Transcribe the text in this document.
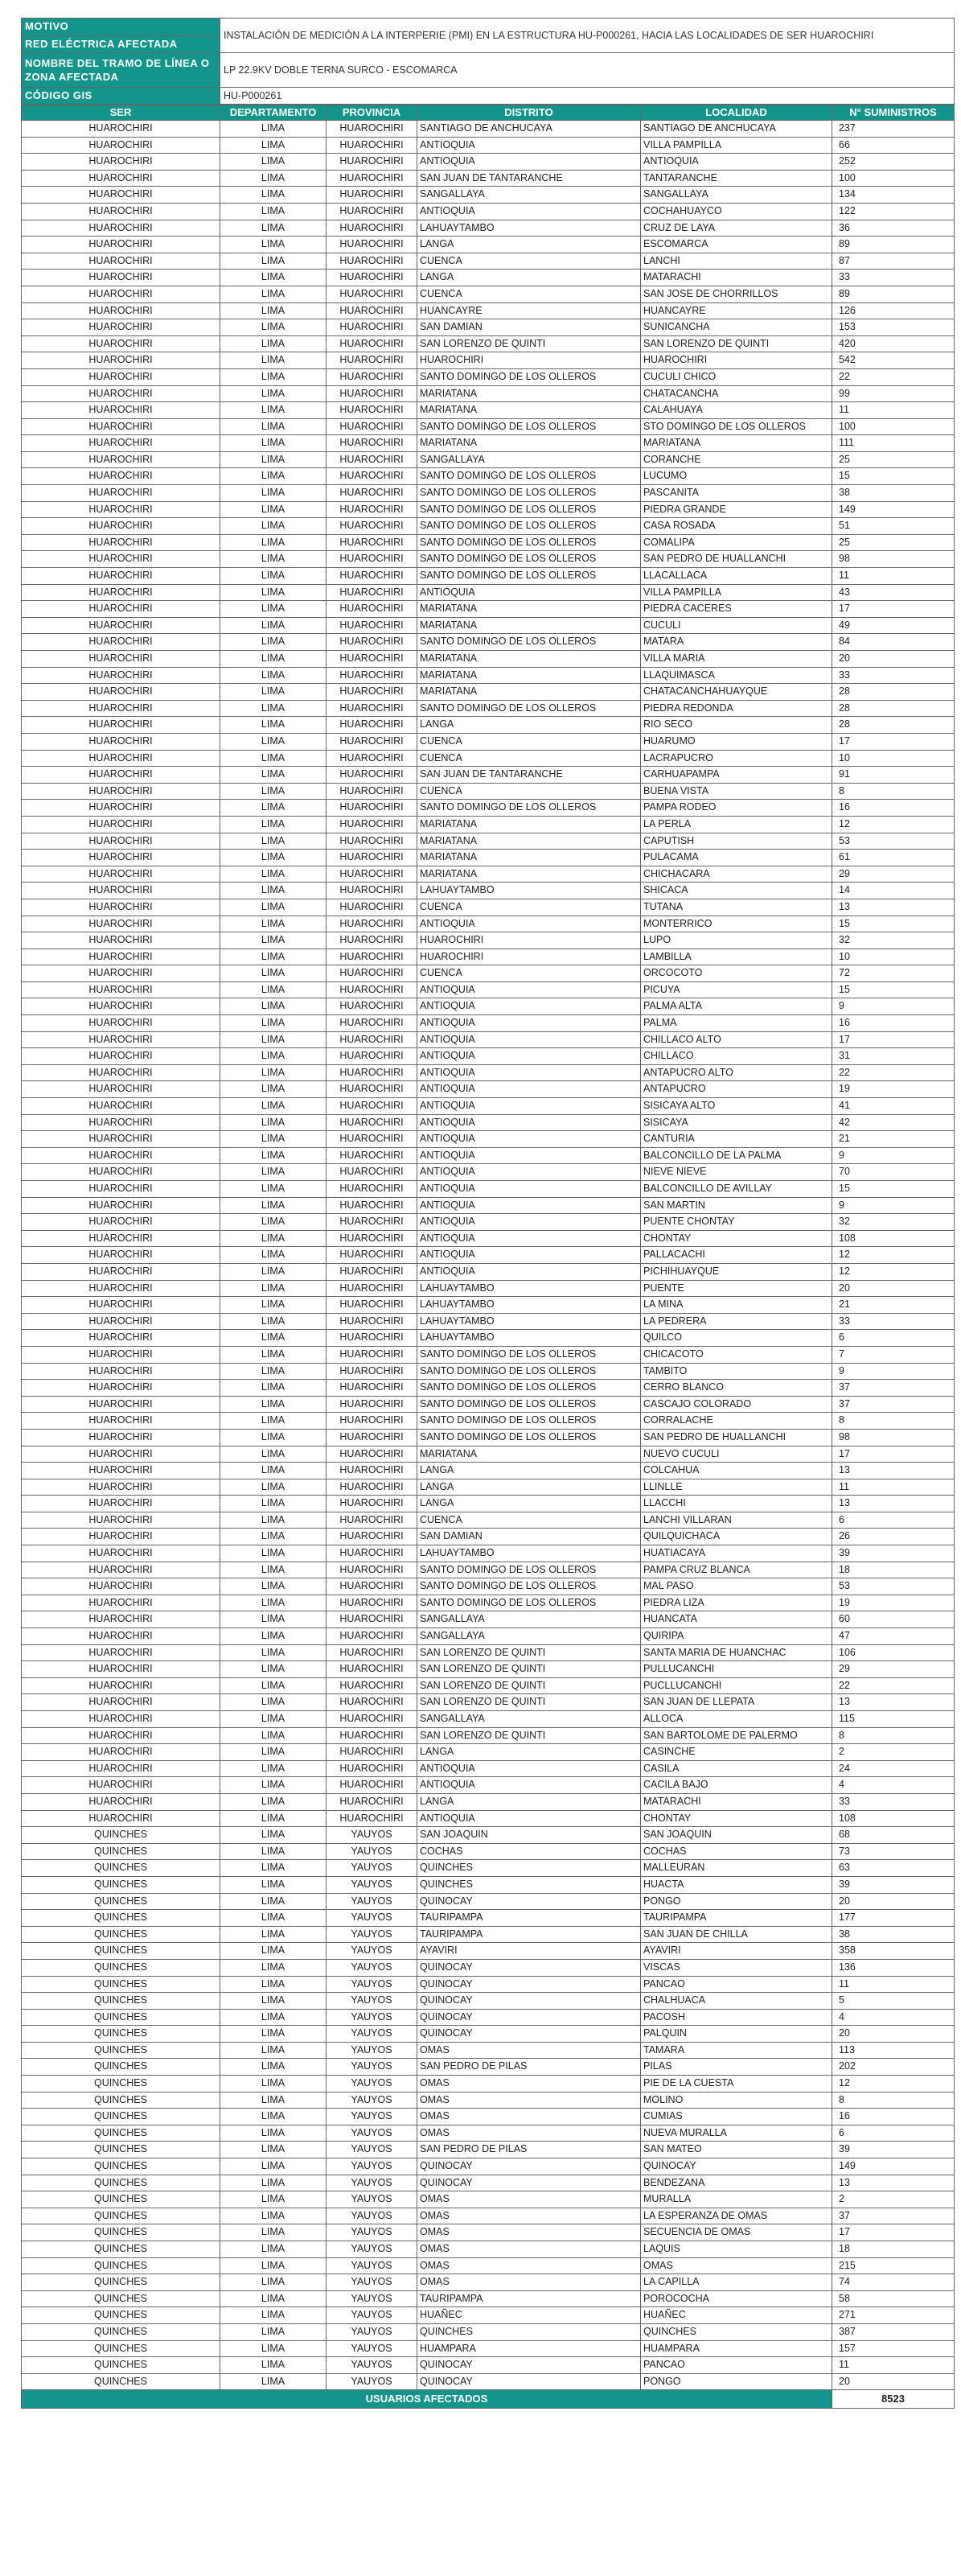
MOTIVO	INSTALACIÓN DE MEDICIÓN A LA INTERPERIE (PMI) EN LA ESTRUCTURA HU-P000261, HACIA LAS LOCALIDADES DE SER HUAROCHIRI
RED ELÉCTRICA AFECTADA	
NOMBRE DEL TRAMO DE LÍNEA O ZONA AFECTADA	LP 22.9KV DOBLE TERNA SURCO - ESCOMARCA
CÓDIGO GIS	HU-P000261
SER	DEPARTAMENTO	PROVINCIA	DISTRITO	LOCALIDAD	N° SUMINISTROS
HUAROCHIRI	LIMA	HUAROCHIRI	SANTIAGO DE ANCHUCAYA	SANTIAGO DE ANCHUCAYA	237
HUAROCHIRI	LIMA	HUAROCHIRI	ANTIOQUIA	VILLA PAMPILLA	66
HUAROCHIRI	LIMA	HUAROCHIRI	ANTIOQUIA	ANTIOQUIA	252
HUAROCHIRI	LIMA	HUAROCHIRI	SAN JUAN DE TANTARANCHE	TANTARANCHE	100
HUAROCHIRI	LIMA	HUAROCHIRI	SANGALLAYA	SANGALLAYA	134
HUAROCHIRI	LIMA	HUAROCHIRI	ANTIOQUIA	COCHAHUAYCO	122
HUAROCHIRI	LIMA	HUAROCHIRI	LAHUAYTAMBO	CRUZ DE LAYA	36
HUAROCHIRI	LIMA	HUAROCHIRI	LANGA	ESCOMARCA	89
HUAROCHIRI	LIMA	HUAROCHIRI	CUENCA	LANCHI	87
HUAROCHIRI	LIMA	HUAROCHIRI	LANGA	MATARACHI	33
HUAROCHIRI	LIMA	HUAROCHIRI	CUENCA	SAN JOSE DE CHORRILLOS	89
HUAROCHIRI	LIMA	HUAROCHIRI	HUANCAYRE	HUANCAYRE	126
HUAROCHIRI	LIMA	HUAROCHIRI	SAN DAMIAN	SUNICANCHA	153
HUAROCHIRI	LIMA	HUAROCHIRI	SAN LORENZO DE QUINTI	SAN LORENZO DE QUINTI	420
HUAROCHIRI	LIMA	HUAROCHIRI	HUAROCHIRI	HUAROCHIRI	542
HUAROCHIRI	LIMA	HUAROCHIRI	SANTO DOMINGO DE LOS OLLEROS	CUCULI CHICO	22
HUAROCHIRI	LIMA	HUAROCHIRI	MARIATANA	CHATACANCHA	99
HUAROCHIRI	LIMA	HUAROCHIRI	MARIATANA	CALAHUAYA	11
HUAROCHIRI	LIMA	HUAROCHIRI	SANTO DOMINGO DE LOS OLLEROS	STO DOMINGO DE LOS OLLEROS	100
HUAROCHIRI	LIMA	HUAROCHIRI	MARIATANA	MARIATANA	111
HUAROCHIRI	LIMA	HUAROCHIRI	SANGALLAYA	CORANCHE	25
HUAROCHIRI	LIMA	HUAROCHIRI	SANTO DOMINGO DE LOS OLLEROS	LUCUMO	15
HUAROCHIRI	LIMA	HUAROCHIRI	SANTO DOMINGO DE LOS OLLEROS	PASCANITA	38
HUAROCHIRI	LIMA	HUAROCHIRI	SANTO DOMINGO DE LOS OLLEROS	PIEDRA GRANDE	149
HUAROCHIRI	LIMA	HUAROCHIRI	SANTO DOMINGO DE LOS OLLEROS	CASA ROSADA	51
HUAROCHIRI	LIMA	HUAROCHIRI	SANTO DOMINGO DE LOS OLLEROS	COMALIPA	25
HUAROCHIRI	LIMA	HUAROCHIRI	SANTO DOMINGO DE LOS OLLEROS	SAN PEDRO DE HUALLANCHI	98
HUAROCHIRI	LIMA	HUAROCHIRI	SANTO DOMINGO DE LOS OLLEROS	LLACALLACA	11
HUAROCHIRI	LIMA	HUAROCHIRI	ANTIOQUIA	VILLA PAMPILLA	43
HUAROCHIRI	LIMA	HUAROCHIRI	MARIATANA	PIEDRA CACERES	17
HUAROCHIRI	LIMA	HUAROCHIRI	MARIATANA	CUCULI	49
HUAROCHIRI	LIMA	HUAROCHIRI	SANTO DOMINGO DE LOS OLLEROS	MATARA	84
HUAROCHIRI	LIMA	HUAROCHIRI	MARIATANA	VILLA MARIA	20
HUAROCHIRI	LIMA	HUAROCHIRI	MARIATANA	LLAQUIMASCA	33
HUAROCHIRI	LIMA	HUAROCHIRI	MARIATANA	CHATACANCHAHUAYQUE	28
HUAROCHIRI	LIMA	HUAROCHIRI	SANTO DOMINGO DE LOS OLLEROS	PIEDRA REDONDA	28
HUAROCHIRI	LIMA	HUAROCHIRI	LANGA	RIO SECO	28
HUAROCHIRI	LIMA	HUAROCHIRI	CUENCA	HUARUMO	17
HUAROCHIRI	LIMA	HUAROCHIRI	CUENCA	LACRAPUCRO	10
HUAROCHIRI	LIMA	HUAROCHIRI	SAN JUAN DE TANTARANCHE	CARHUAPAMPA	91
HUAROCHIRI	LIMA	HUAROCHIRI	CUENCA	BUENA VISTA	8
HUAROCHIRI	LIMA	HUAROCHIRI	SANTO DOMINGO DE LOS OLLEROS	PAMPA RODEO	16
HUAROCHIRI	LIMA	HUAROCHIRI	MARIATANA	LA PERLA	12
HUAROCHIRI	LIMA	HUAROCHIRI	MARIATANA	CAPUTISH	53
HUAROCHIRI	LIMA	HUAROCHIRI	MARIATANA	PULACAMA	61
HUAROCHIRI	LIMA	HUAROCHIRI	MARIATANA	CHICHACARA	29
HUAROCHIRI	LIMA	HUAROCHIRI	LAHUAYTAMBO	SHICACA	14
HUAROCHIRI	LIMA	HUAROCHIRI	CUENCA	TUTANA	13
HUAROCHIRI	LIMA	HUAROCHIRI	ANTIOQUIA	MONTERRICO	15
HUAROCHIRI	LIMA	HUAROCHIRI	HUAROCHIRI	LUPO	32
HUAROCHIRI	LIMA	HUAROCHIRI	HUAROCHIRI	LAMBILLA	10
HUAROCHIRI	LIMA	HUAROCHIRI	CUENCA	ORCOCOTO	72
HUAROCHIRI	LIMA	HUAROCHIRI	ANTIOQUIA	PICUYA	15
HUAROCHIRI	LIMA	HUAROCHIRI	ANTIOQUIA	PALMA ALTA	9
HUAROCHIRI	LIMA	HUAROCHIRI	ANTIOQUIA	PALMA	16
HUAROCHIRI	LIMA	HUAROCHIRI	ANTIOQUIA	CHILLACO ALTO	17
HUAROCHIRI	LIMA	HUAROCHIRI	ANTIOQUIA	CHILLACO	31
HUAROCHIRI	LIMA	HUAROCHIRI	ANTIOQUIA	ANTAPUCRO ALTO	22
HUAROCHIRI	LIMA	HUAROCHIRI	ANTIOQUIA	ANTAPUCRO	19
HUAROCHIRI	LIMA	HUAROCHIRI	ANTIOQUIA	SISICAYA ALTO	41
HUAROCHIRI	LIMA	HUAROCHIRI	ANTIOQUIA	SISICAYA	42
HUAROCHIRI	LIMA	HUAROCHIRI	ANTIOQUIA	CANTURIA	21
HUAROCHIRI	LIMA	HUAROCHIRI	ANTIOQUIA	BALCONCILLO DE LA PALMA	9
HUAROCHIRI	LIMA	HUAROCHIRI	ANTIOQUIA	NIEVE NIEVE	70
HUAROCHIRI	LIMA	HUAROCHIRI	ANTIOQUIA	BALCONCILLO DE AVILLAY	15
HUAROCHIRI	LIMA	HUAROCHIRI	ANTIOQUIA	SAN MARTIN	9
HUAROCHIRI	LIMA	HUAROCHIRI	ANTIOQUIA	PUENTE CHONTAY	32
HUAROCHIRI	LIMA	HUAROCHIRI	ANTIOQUIA	CHONTAY	108
HUAROCHIRI	LIMA	HUAROCHIRI	ANTIOQUIA	PALLACACHI	12
HUAROCHIRI	LIMA	HUAROCHIRI	ANTIOQUIA	PICHIHUAYQUE	12
HUAROCHIRI	LIMA	HUAROCHIRI	LAHUAYTAMBO	PUENTE	20
HUAROCHIRI	LIMA	HUAROCHIRI	LAHUAYTAMBO	LA MINA	21
HUAROCHIRI	LIMA	HUAROCHIRI	LAHUAYTAMBO	LA PEDRERA	33
HUAROCHIRI	LIMA	HUAROCHIRI	LAHUAYTAMBO	QUILCO	6
HUAROCHIRI	LIMA	HUAROCHIRI	SANTO DOMINGO DE LOS OLLEROS	CHICACOTO	7
HUAROCHIRI	LIMA	HUAROCHIRI	SANTO DOMINGO DE LOS OLLEROS	TAMBITO	9
HUAROCHIRI	LIMA	HUAROCHIRI	SANTO DOMINGO DE LOS OLLEROS	CERRO BLANCO	37
HUAROCHIRI	LIMA	HUAROCHIRI	SANTO DOMINGO DE LOS OLLEROS	CASCAJO COLORADO	37
HUAROCHIRI	LIMA	HUAROCHIRI	SANTO DOMINGO DE LOS OLLEROS	CORRALACHE	8
HUAROCHIRI	LIMA	HUAROCHIRI	SANTO DOMINGO DE LOS OLLEROS	SAN PEDRO DE HUALLANCHI	98
HUAROCHIRI	LIMA	HUAROCHIRI	MARIATANA	NUEVO CUCULI	17
HUAROCHIRI	LIMA	HUAROCHIRI	LANGA	COLCAHUA	13
HUAROCHIRI	LIMA	HUAROCHIRI	LANGA	LLINLLE	11
HUAROCHIRI	LIMA	HUAROCHIRI	LANGA	LLACCHI	13
HUAROCHIRI	LIMA	HUAROCHIRI	CUENCA	LANCHI VILLARAN	6
HUAROCHIRI	LIMA	HUAROCHIRI	SAN DAMIAN	QUILQUICHACA	26
HUAROCHIRI	LIMA	HUAROCHIRI	LAHUAYTAMBO	HUATIACAYA	39
HUAROCHIRI	LIMA	HUAROCHIRI	SANTO DOMINGO DE LOS OLLEROS	PAMPA CRUZ BLANCA	18
HUAROCHIRI	LIMA	HUAROCHIRI	SANTO DOMINGO DE LOS OLLEROS	MAL PASO	53
HUAROCHIRI	LIMA	HUAROCHIRI	SANTO DOMINGO DE LOS OLLEROS	PIEDRA LIZA	19
HUAROCHIRI	LIMA	HUAROCHIRI	SANGALLAYA	HUANCATA	60
HUAROCHIRI	LIMA	HUAROCHIRI	SANGALLAYA	QUIRIPA	47
HUAROCHIRI	LIMA	HUAROCHIRI	SAN LORENZO DE QUINTI	SANTA MARIA DE HUANCHAC	106
HUAROCHIRI	LIMA	HUAROCHIRI	SAN LORENZO DE QUINTI	PULLUCANCHI	29
HUAROCHIRI	LIMA	HUAROCHIRI	SAN LORENZO DE QUINTI	PUCLLUCANCHI	22
HUAROCHIRI	LIMA	HUAROCHIRI	SAN LORENZO DE QUINTI	SAN JUAN DE LLEPATA	13
HUAROCHIRI	LIMA	HUAROCHIRI	SANGALLAYA	ALLOCA	115
HUAROCHIRI	LIMA	HUAROCHIRI	SAN LORENZO DE QUINTI	SAN BARTOLOME DE PALERMO	8
HUAROCHIRI	LIMA	HUAROCHIRI	LANGA	CASINCHE	2
HUAROCHIRI	LIMA	HUAROCHIRI	ANTIOQUIA	CASILA	24
HUAROCHIRI	LIMA	HUAROCHIRI	ANTIOQUIA	CACILA BAJO	4
HUAROCHIRI	LIMA	HUAROCHIRI	LANGA	MATARACHI	33
HUAROCHIRI	LIMA	HUAROCHIRI	ANTIOQUIA	CHONTAY	108
QUINCHES	LIMA	YAUYOS	SAN JOAQUIN	SAN JOAQUIN	68
QUINCHES	LIMA	YAUYOS	COCHAS	COCHAS	73
QUINCHES	LIMA	YAUYOS	QUINCHES	MALLEURAN	63
QUINCHES	LIMA	YAUYOS	QUINCHES	HUACTA	39
QUINCHES	LIMA	YAUYOS	QUINOCAY	PONGO	20
QUINCHES	LIMA	YAUYOS	TAURIPAMPA	TAURIPAMPA	177
QUINCHES	LIMA	YAUYOS	TAURIPAMPA	SAN JUAN DE CHILLA	38
QUINCHES	LIMA	YAUYOS	AYAVIRI	AYAVIRI	358
QUINCHES	LIMA	YAUYOS	QUINOCAY	VISCAS	136
QUINCHES	LIMA	YAUYOS	QUINOCAY	PANCAO	11
QUINCHES	LIMA	YAUYOS	QUINOCAY	CHALHUACA	5
QUINCHES	LIMA	YAUYOS	QUINOCAY	PACOSH	4
QUINCHES	LIMA	YAUYOS	QUINOCAY	PALQUIN	20
QUINCHES	LIMA	YAUYOS	OMAS	TAMARA	113
QUINCHES	LIMA	YAUYOS	SAN PEDRO DE PILAS	PILAS	202
QUINCHES	LIMA	YAUYOS	OMAS	PIE DE LA CUESTA	12
QUINCHES	LIMA	YAUYOS	OMAS	MOLINO	8
QUINCHES	LIMA	YAUYOS	OMAS	CUMIAS	16
QUINCHES	LIMA	YAUYOS	OMAS	NUEVA MURALLA	6
QUINCHES	LIMA	YAUYOS	SAN PEDRO DE PILAS	SAN MATEO	39
QUINCHES	LIMA	YAUYOS	QUINOCAY	QUINOCAY	149
QUINCHES	LIMA	YAUYOS	QUINOCAY	BENDEZANA	13
QUINCHES	LIMA	YAUYOS	OMAS	MURALLA	2
QUINCHES	LIMA	YAUYOS	OMAS	LA ESPERANZA DE OMAS	37
QUINCHES	LIMA	YAUYOS	OMAS	SECUENCIA DE OMAS	17
QUINCHES	LIMA	YAUYOS	OMAS	LAQUIS	18
QUINCHES	LIMA	YAUYOS	OMAS	OMAS	215
QUINCHES	LIMA	YAUYOS	OMAS	LA CAPILLA	74
QUINCHES	LIMA	YAUYOS	TAURIPAMPA	POROCOCHA	58
QUINCHES	LIMA	YAUYOS	HUAÑEC	HUAÑEC	271
QUINCHES	LIMA	YAUYOS	QUINCHES	QUINCHES	387
QUINCHES	LIMA	YAUYOS	HUAMPARA	HUAMPARA	157
QUINCHES	LIMA	YAUYOS	QUINOCAY	PANCAO	11
QUINCHES	LIMA	YAUYOS	QUINOCAY	PONGO	20
USUARIOS AFECTADOS					8523
